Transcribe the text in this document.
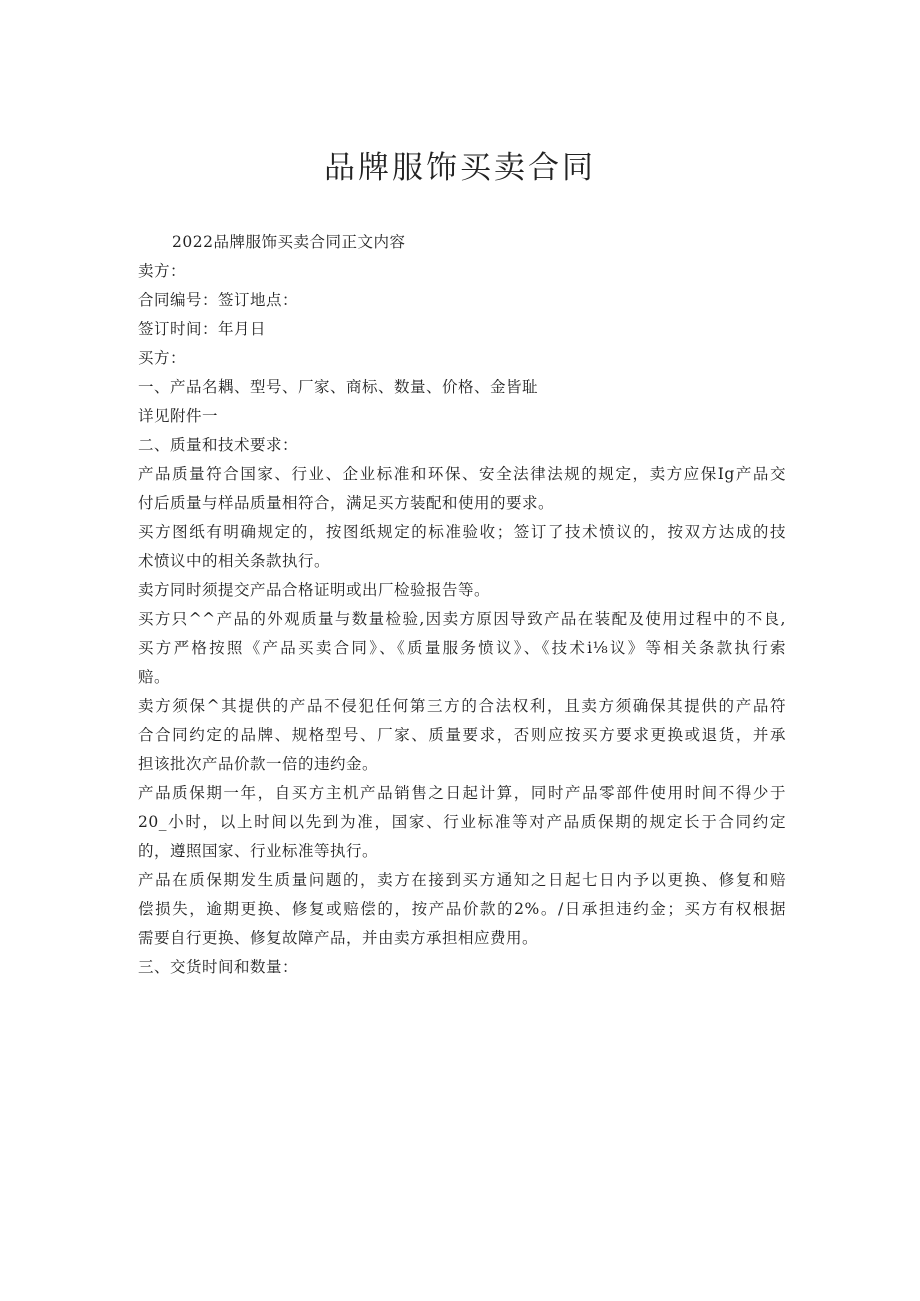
品牌服饰买卖合同

2022品牌服饰买卖合同正文内容

卖方：

合同编号：签订地点：

签订时间：年月日

买方：

一、产品名耦、型号、厂家、商标、数量、价格、金皆耻

详见附件一

二、质量和技术要求：

产品质量符合国家、行业、企业标准和环保、安全法律法规的规定，卖方应保Ig产品交

付后质量与样品质量相符合，满足买方装配和使用的要求。

买方图纸有明确规定的，按图纸规定的标准验收；签订了技术愤议的，按双方达成的技

术愤议中的相关条款执行。

卖方同时须提交产品合格证明或出厂检验报告等。

买方只^^产品的外观质量与数量检验,因卖方原因导致产品在装配及使用过程中的不良,

买方严格按照《产品买卖合同》、《质量服务愤议》、《技术i⅛议》等相关条款执行索

赔。

卖方须保^其提供的产品不侵犯任何第三方的合法权利，且卖方须确保其提供的产品符

合合同约定的品牌、规格型号、厂家、质量要求，否则应按买方要求更换或退货，并承

担该批次产品价款一倍的违约金。

产品质保期一年，自买方主机产品销售之日起计算，同时产品零部件使用时间不得少于

20_小时，以上时间以先到为准，国家、行业标准等对产品质保期的规定长于合同约定

的，遵照国家、行业标准等执行。

产品在质保期发生质量问题的，卖方在接到买方通知之日起七日内予以更换、修复和赔

偿损失，逾期更换、修复或赔偿的，按产品价款的2%。/日承担违约金；买方有权根据

需要自行更换、修复故障产品，并由卖方承担相应费用。

三、交货时间和数量：
